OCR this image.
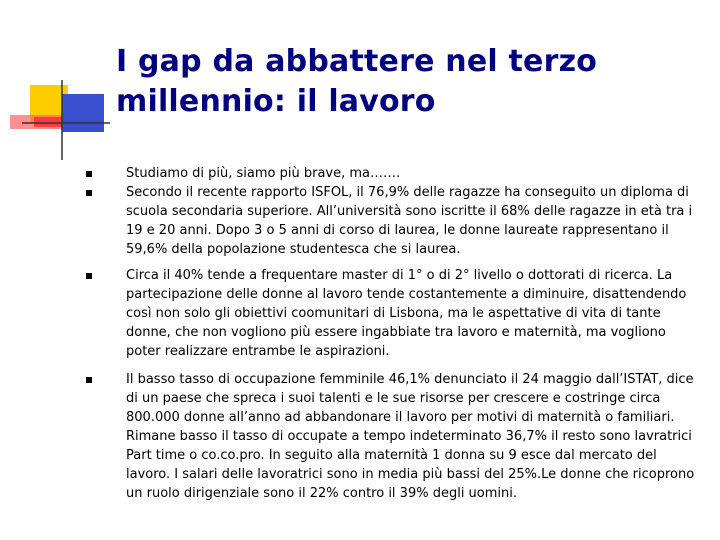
I gap da abbattere nel terzo
millennio: il lavoro
Studiamo di più, siamo più brave, ma…….
Secondo il recente rapporto ISFOL, il 76,9% delle ragazze ha conseguito un diploma di scuola secondaria superiore. All’università sono iscritte il 68% delle ragazze in età tra i 19 e 20 anni. Dopo 3 o 5 anni di corso di laurea, le donne laureate rappresentano il 59,6% della popolazione studentesca che si laurea.
Circa il 40% tende a frequentare master di 1° o di 2° livello o dottorati di ricerca. La partecipazione delle donne al lavoro tende costantemente a diminuire, disattendendo così non solo gli obiettivi coomunitari di Lisbona, ma le aspettative di vita di tante donne, che non vogliono più essere ingabbiate tra lavoro e maternità, ma vogliono poter realizzare entrambe le aspirazioni.
Il basso tasso di occupazione femminile 46,1% denunciato il 24 maggio dall’ISTAT, dice di un paese che spreca i suoi talenti e le sue risorse per crescere e costringe circa 800.000 donne all’anno ad abbandonare il lavoro per motivi di maternità o familiari. Rimane basso il tasso di occupate a tempo indeterminato 36,7% il resto sono lavratrici Part time o co.co.pro. In seguito alla maternità 1 donna su 9 esce dal mercato del lavoro. I salari delle lavoratrici sono in media più bassi del 25%.Le donne che ricoprono un ruolo dirigenziale sono il 22% contro il 39% degli uomini.
